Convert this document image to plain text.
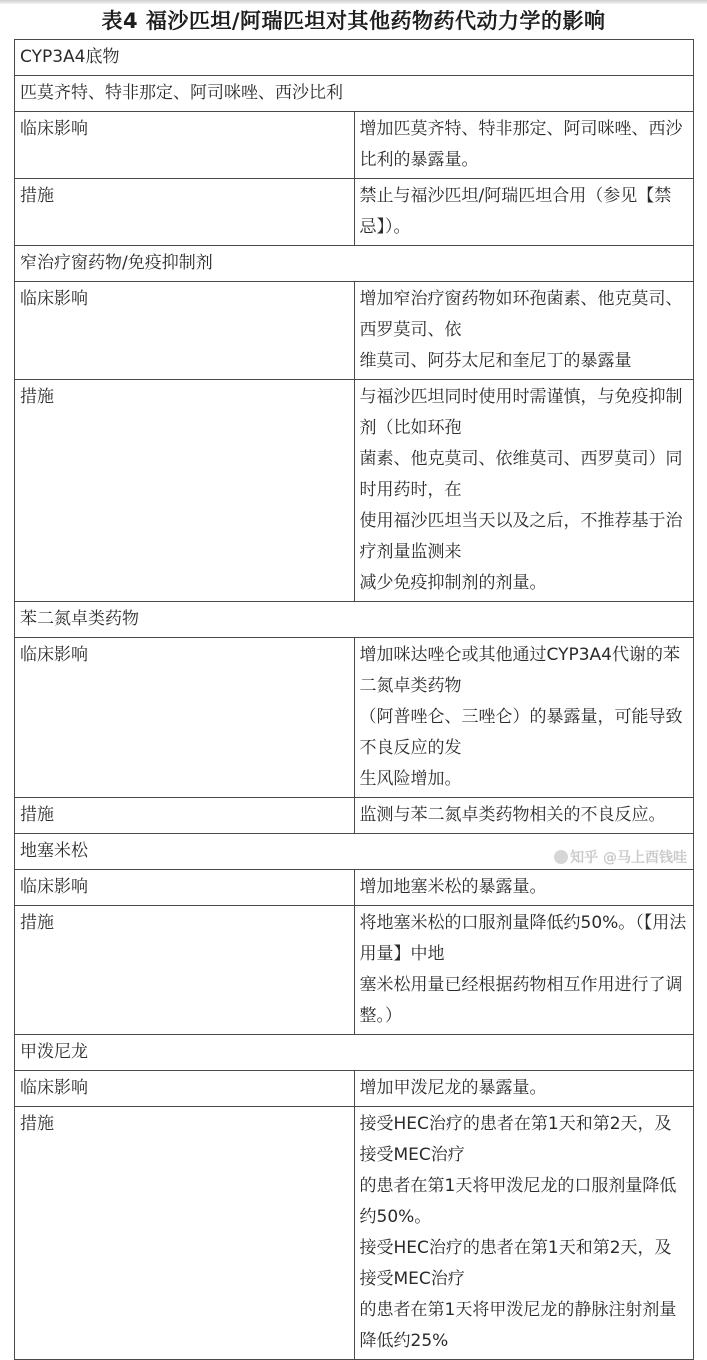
表4 福沙匹坦/阿瑞匹坦对其他药物药代动力学的影响
CYP3A4底物	
匹莫齐特、特非那定、阿司咪唑、西沙比利	
临床影响	增加匹莫齐特、特非那定、阿司咪唑、西沙比利的暴露量。

措施	禁止与福沙匹坦/阿瑞匹坦合用（参见【禁忌】）。

窄治疗窗药物/免疫抑制剂	
临床影响	增加窄治疗窗药物如环孢菌素、他克莫司、西罗莫司、依
维莫司、阿芬太尼和奎尼丁的暴露量

措施	与福沙匹坦同时使用时需谨慎，与免疫抑制剂（比如环孢
菌素、他克莫司、依维莫司、西罗莫司）同时用药时，在
使用福沙匹坦当天以及之后，不推荐基于治疗剂量监测来
减少免疫抑制剂的剂量。

苯二氮卓类药物	
临床影响	增加咪达唑仑或其他通过CYP3A4代谢的苯二氮卓类药物
（阿普唑仑、三唑仑）的暴露量，可能导致不良反应的发
生风险增加。

措施	监测与苯二氮卓类药物相关的不良反应。

地塞米松	
临床影响	增加地塞米松的暴露量。

措施	将地塞米松的口服剂量降低约50%。（【用法用量】中地
塞米松用量已经根据药物相互作用进行了调整。）

甲泼尼龙	
临床影响	增加甲泼尼龙的暴露量。

措施	接受HEC治疗的患者在第1天和第2天，及接受MEC治疗
的患者在第1天将甲泼尼龙的口服剂量降低约50%。
接受HEC治疗的患者在第1天和第2天，及接受MEC治疗
的患者在第1天将甲泼尼龙的静脉注射剂量降低约25%
知乎 @马上酉钱哇
